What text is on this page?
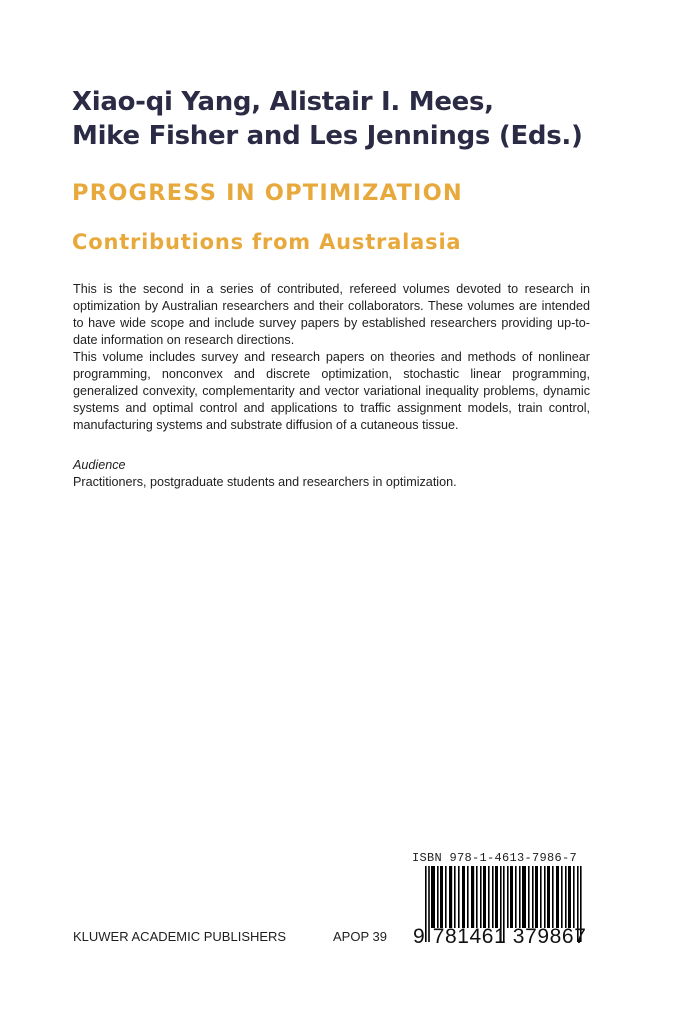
Xiao-qi Yang, Alistair I. Mees,
Mike Fisher and Les Jennings (Eds.)
PROGRESS IN OPTIMIZATION
Contributions from Australasia

This is the second in a series of contributed, refereed volumes devoted to research in optimization by Australian researchers and their collaborators. These volumes are intended to have wide scope and include survey papers by established researchers providing up-to-date information on research directions.

This volume includes survey and research papers on theories and methods of nonlinear programming, nonconvex and discrete optimization, stochastic linear programming, generalized convexity, complementarity and vector variational inequality problems, dynamic systems and optimal control and applications to traffic assignment models, train control, manufacturing systems and substrate diffusion of a cutaneous tissue.

Audience
Practitioners, postgraduate students and researchers in optimization.
ISBN 978-1-4613-7986-7
9 781461 379867
KLUWER ACADEMIC PUBLISHERS	APOP 39
